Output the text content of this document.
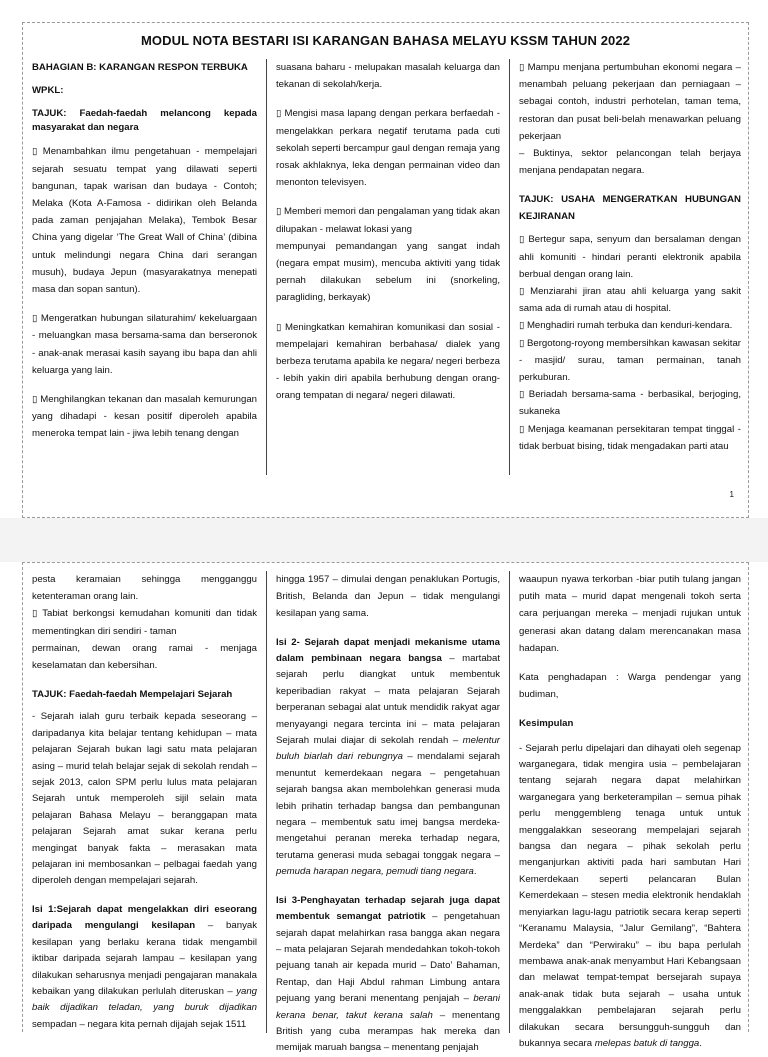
MODUL NOTA BESTARI ISI KARANGAN BAHASA MELAYU KSSM TAHUN 2022

BAHAGIAN B: KARANGAN RESPON TERBUKA

WPKL:

TAJUK: Faedah-faedah melancong kepada masyarakat dan negara

▯ Menambahkan ilmu pengetahuan - mempelajari sejarah sesuatu tempat yang dilawati seperti bangunan, tapak warisan dan budaya - Contoh; Melaka (Kota A-Famosa - didirikan oleh Belanda pada zaman penjajahan Melaka), Tembok Besar China yang digelar ‘The Great Wall of China’ (dibina untuk melindungi negara China dari serangan musuh), budaya Jepun (masyarakatnya menepati masa dan sopan santun).

▯ Mengeratkan hubungan silaturahim/ kekeluargaan - meluangkan masa bersama-sama dan berseronok - anak-anak merasai kasih sayang ibu bapa dan ahli keluarga yang lain.

▯ Menghilangkan tekanan dan masalah kemurungan yang dihadapi - kesan positif diperoleh apabila meneroka tempat lain - jiwa lebih tenang dengan

suasana baharu - melupakan masalah keluarga dan tekanan di sekolah/kerja.

▯ Mengisi masa lapang dengan perkara berfaedah - mengelakkan perkara negatif terutama pada cuti sekolah seperti bercampur gaul dengan remaja yang rosak akhlaknya, leka dengan permainan video dan menonton televisyen.

▯ Memberi memori dan pengalaman yang tidak akan dilupakan - melawat lokasi yang

mempunyai pemandangan yang sangat indah (negara empat musim), mencuba aktiviti yang tidak pernah dilakukan sebelum ini (snorkeling, paragliding, berkayak)

▯ Meningkatkan kemahiran komunikasi dan sosial - mempelajari kemahiran berbahasa/ dialek yang berbeza terutama apabila ke negara/ negeri berbeza - lebih yakin diri apabila berhubung dengan orang-orang tempatan di negara/ negeri dilawati.

▯ Mampu menjana pertumbuhan ekonomi negara – menambah peluang pekerjaan dan perniagaan – sebagai contoh, industri perhotelan, taman tema, restoran dan pusat beli-belah menawarkan peluang pekerjaan

– Buktinya, sektor pelancongan telah berjaya menjana pendapatan negara.

TAJUK: USAHA MENGERATKAN HUBUNGAN KEJIRANAN

▯ Bertegur sapa, senyum dan bersalaman dengan ahli komuniti - hindari peranti elektronik apabila berbual dengan orang lain.

▯ Menziarahi jiran atau ahli keluarga yang sakit sama ada di rumah atau di hospital.

▯ Menghadiri rumah terbuka dan kenduri-kendara.

▯ Bergotong-royong membersihkan kawasan sekitar - masjid/ surau, taman permainan, tanah perkuburan.

▯ Beriadah bersama-sama - berbasikal, berjoging, sukaneka

▯ Menjaga keamanan persekitaran tempat tinggal - tidak berbuat bising, tidak mengadakan parti atau

1

pesta keramaian sehingga mengganggu ketenteraman orang lain.

▯ Tabiat berkongsi kemudahan komuniti dan tidak mementingkan diri sendiri - taman

permainan, dewan orang ramai - menjaga keselamatan dan kebersihan.

TAJUK: Faedah-faedah Mempelajari Sejarah

- Sejarah ialah guru terbaik kepada seseorang – daripadanya kita belajar tentang kehidupan – mata pelajaran Sejarah bukan lagi satu mata pelajaran asing – murid telah belajar sejak di sekolah rendah – sejak 2013, calon SPM perlu lulus mata pelajaran Sejarah untuk memperoleh sijil selain mata pelajaran Bahasa Melayu – beranggapan mata pelajaran Sejarah amat sukar kerana perlu mengingat banyak fakta – merasakan mata pelajaran ini membosankan – pelbagai faedah yang diperoleh dengan mempelajari sejarah.

Isi 1:Sejarah dapat mengelakkan diri eseorang daripada mengulangi kesilapan – banyak kesilapan yang berlaku kerana tidak mengambil iktibar daripada sejarah lampau – kesilapan yang dilakukan seharusnya menjadi pengajaran manakala kebaikan yang dilakukan perlulah diteruskan – yang baik dijadikan teladan, yang buruk dijadikan sempadan – negara kita pernah dijajah sejak 1511

hingga 1957 – dimulai dengan penaklukan Portugis, British, Belanda dan Jepun – tidak mengulangi kesilapan yang sama.

Isi 2- Sejarah dapat menjadi mekanisme utama dalam pembinaan negara bangsa – martabat sejarah perlu diangkat untuk membentuk keperibadian rakyat – mata pelajaran Sejarah berperanan sebagai alat untuk mendidik rakyat agar menyayangi negara tercinta ini – mata pelajaran Sejarah mulai diajar di sekolah rendah – melentur buluh biarlah dari rebungnya – mendalami sejarah menuntut kemerdekaan negara – pengetahuan sejarah bangsa akan membolehkan generasi muda lebih prihatin terhadap bangsa dan pembangunan negara – membentuk satu imej bangsa merdeka- mengetahui peranan mereka terhadap negara, terutama generasi muda sebagai tonggak negara – pemuda harapan negara, pemudi tiang negara.

Isi 3-Penghayatan terhadap sejarah juga dapat membentuk semangat patriotik – pengetahuan sejarah dapat melahirkan rasa bangga akan negara – mata pelajaran Sejarah mendedahkan tokoh-tokoh pejuang tanah air kepada murid – Dato’ Bahaman, Rentap, dan Haji Abdul rahman Limbung antara pejuang yang berani menentang penjajah – berani kerana benar, takut kerana salah – menentang British yang cuba merampas hak mereka dan memijak maruah bangsa – menentang penjajah

waaupun nyawa terkorban -biar putih tulang jangan putih mata – murid dapat mengenali tokoh serta cara perjuangan mereka – menjadi rujukan untuk generasi akan datang dalam merencanakan masa hadapan.

Kata penghadapan : Warga pendengar yang budiman,

Kesimpulan

- Sejarah perlu dipelajari dan dihayati oleh segenap warganegara, tidak mengira usia – pembelajaran tentang sejarah negara dapat melahirkan warganegara yang berketerampilan – semua pihak perlu menggembleng tenaga untuk untuk menggalakkan seseorang mempelajari sejarah bangsa dan negara – pihak sekolah perlu menganjurkan aktiviti pada hari sambutan Hari Kemerdekaan seperti pelancaran Bulan Kemerdekaan – stesen media elektronik hendaklah menyiarkan lagu-lagu patriotik secara kerap seperti “Keranamu Malaysia, “Jalur Gemilang”, “Bahtera Merdeka” dan “Perwiraku” – ibu bapa perlulah membawa anak-anak menyambut Hari Kebangsaan dan melawat tempat-tempat bersejarah supaya anak-anak tidak buta sejarah – usaha untuk menggalakkan pembelajaran sejarah perlu dilakukan secara bersungguh-sungguh dan bukannya secara melepas batuk di tangga.
